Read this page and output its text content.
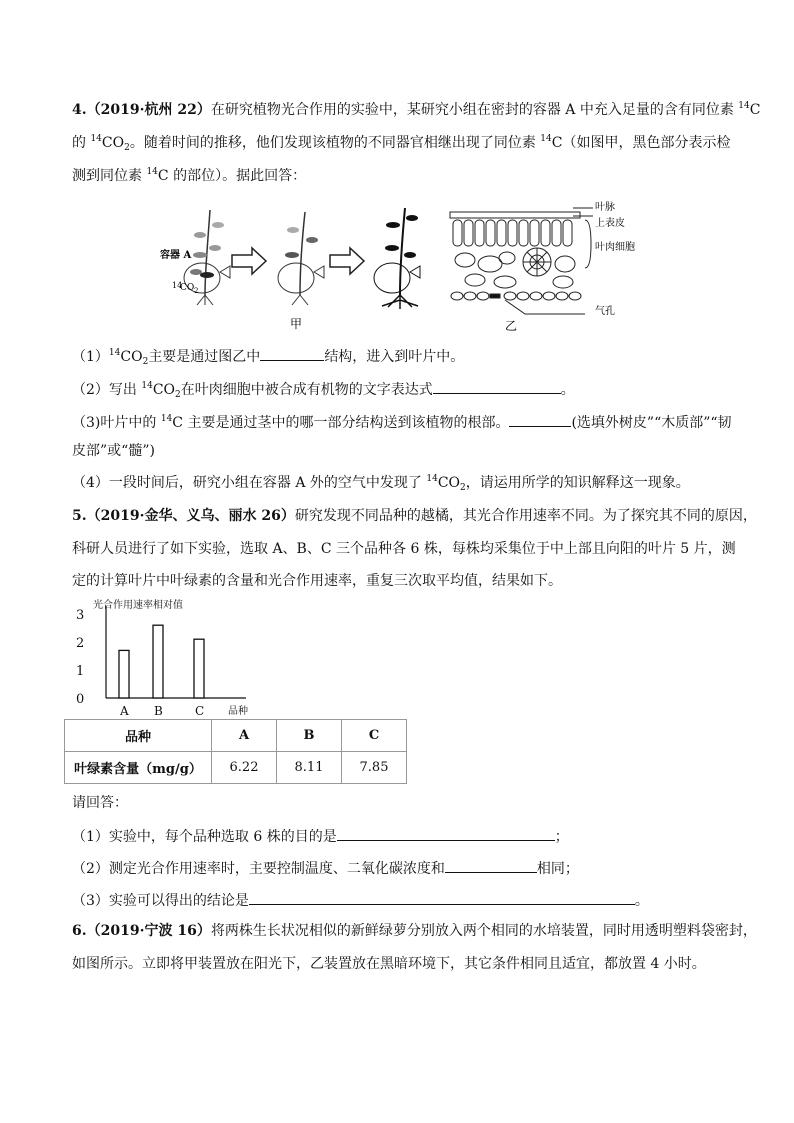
4.（2019·杭州 22）在研究植物光合作用的实验中，某研究小组在密封的容器 A 中充入足量的含有同位素 $^{14}$C
的 $^{14}CO_2$。随着时间的推移，他们发现该植物的不同器官相继出现了同位素 $^{14}$C（如图甲，黑色部分表示检
测到同位素 $^{14}$C 的部位）。据此回答：
容器 A
14
CO 2
甲
叶脉
上表皮
叶肉细胞
气孔
乙
$(1)^{14}CO_2$主要是通过图乙中	结构，进入到叶片中。
（2）写出 $^{14}CO_2$在叶肉细胞中被合成有机物的文字表达式	。
（3)叶片中的 $^{14}$C 主要是通过茎中的哪一部分结构送到该植物的根部。	(选填外树皮”“木质部”“韧
皮部”或“髓”)
（4）一段时间后，研究小组在容器 A 外的空气中发现了 $^{14}CO_2$，请运用所学的知识解释这一现象。
5.（2019·金华、义乌、丽水 26）研究发现不同品种的越橘，其光合作用速率不同。为了探究其不同的原因，
科研人员进行了如下实验，选取 A、B、C 三个品种各 6 株，每株均采集位于中上部且向阳的叶片 5 片，测
定的计算叶片中叶绿素的含量和光合作用速率，重复三次取平均值，结果如下。
0
1
2
3
光合作用速率相对值
A B	C 品种
品种	A	B	C
叶绿素含量（mg/g）	6.22	8.11	7.85
请回答：
（1）实验中，每个品种选取 6 株的目的是	；
（2）测定光合作用速率时，主要控制温度、二氧化碳浓度和	相同；
（3）实验可以得出的结论是	。
6.（2019·宁波 16）将两株生长状况相似的新鲜绿萝分别放入两个相同的水培装置，同时用透明塑料袋密封，
如图所示。立即将甲装置放在阳光下，乙装置放在黑暗环境下，其它条件相同且适宜，都放置 4 小时。
